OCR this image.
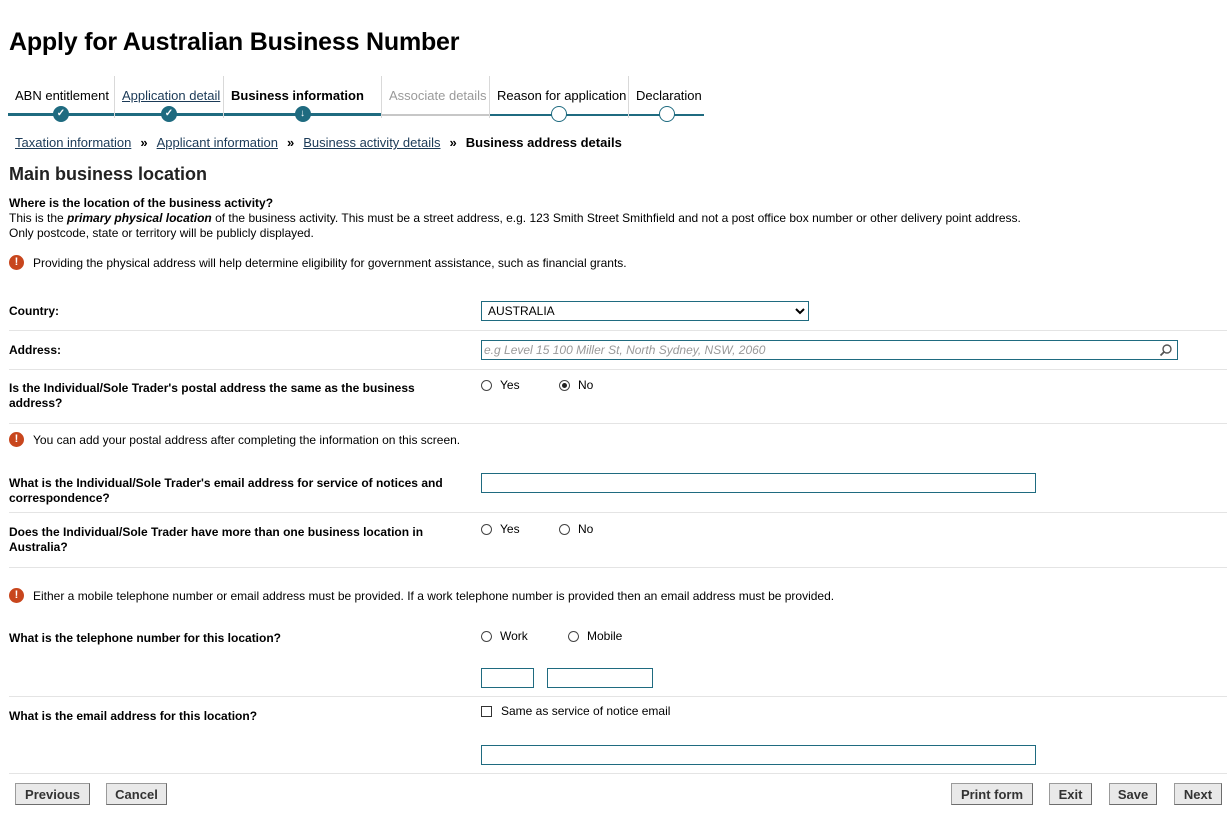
Apply for Australian Business Number
ABN entitlement
✓
Application detail
✓
Business information
↓
Associate details Reason for application Declaration
Taxation information » Applicant information » Business activity details » Business address details
Main business location
Where is the location of the business activity?
This is the primary physical location of the business activity. This must be a street address, e.g. 123 Smith Street Smithfield and not a post office box number or other delivery point address.
Only postcode, state or territory will be publicly displayed.
!	Providing the physical address will help determine eligibility for government assistance, such as financial grants.
Country:
AUSTRALIA
Address:
e.g Level 15 100 Miller St, North Sydney, NSW, 2060
Is the Individual/Sole Trader's postal address the same as the business address?
Yes	No
!	You can add your postal address after completing the information on this screen.
What is the Individual/Sole Trader's email address for service of notices and correspondence?
Does the Individual/Sole Trader have more than one business location in Australia?
Yes	No
!	Either a mobile telephone number or email address must be provided. If a work telephone number is provided then an email address must be provided.
What is the telephone number for this location?	Work	Mobile
What is the email address for this location?	Same as service of notice email
Previous	Cancel	Print form	Exit	Save	Next
